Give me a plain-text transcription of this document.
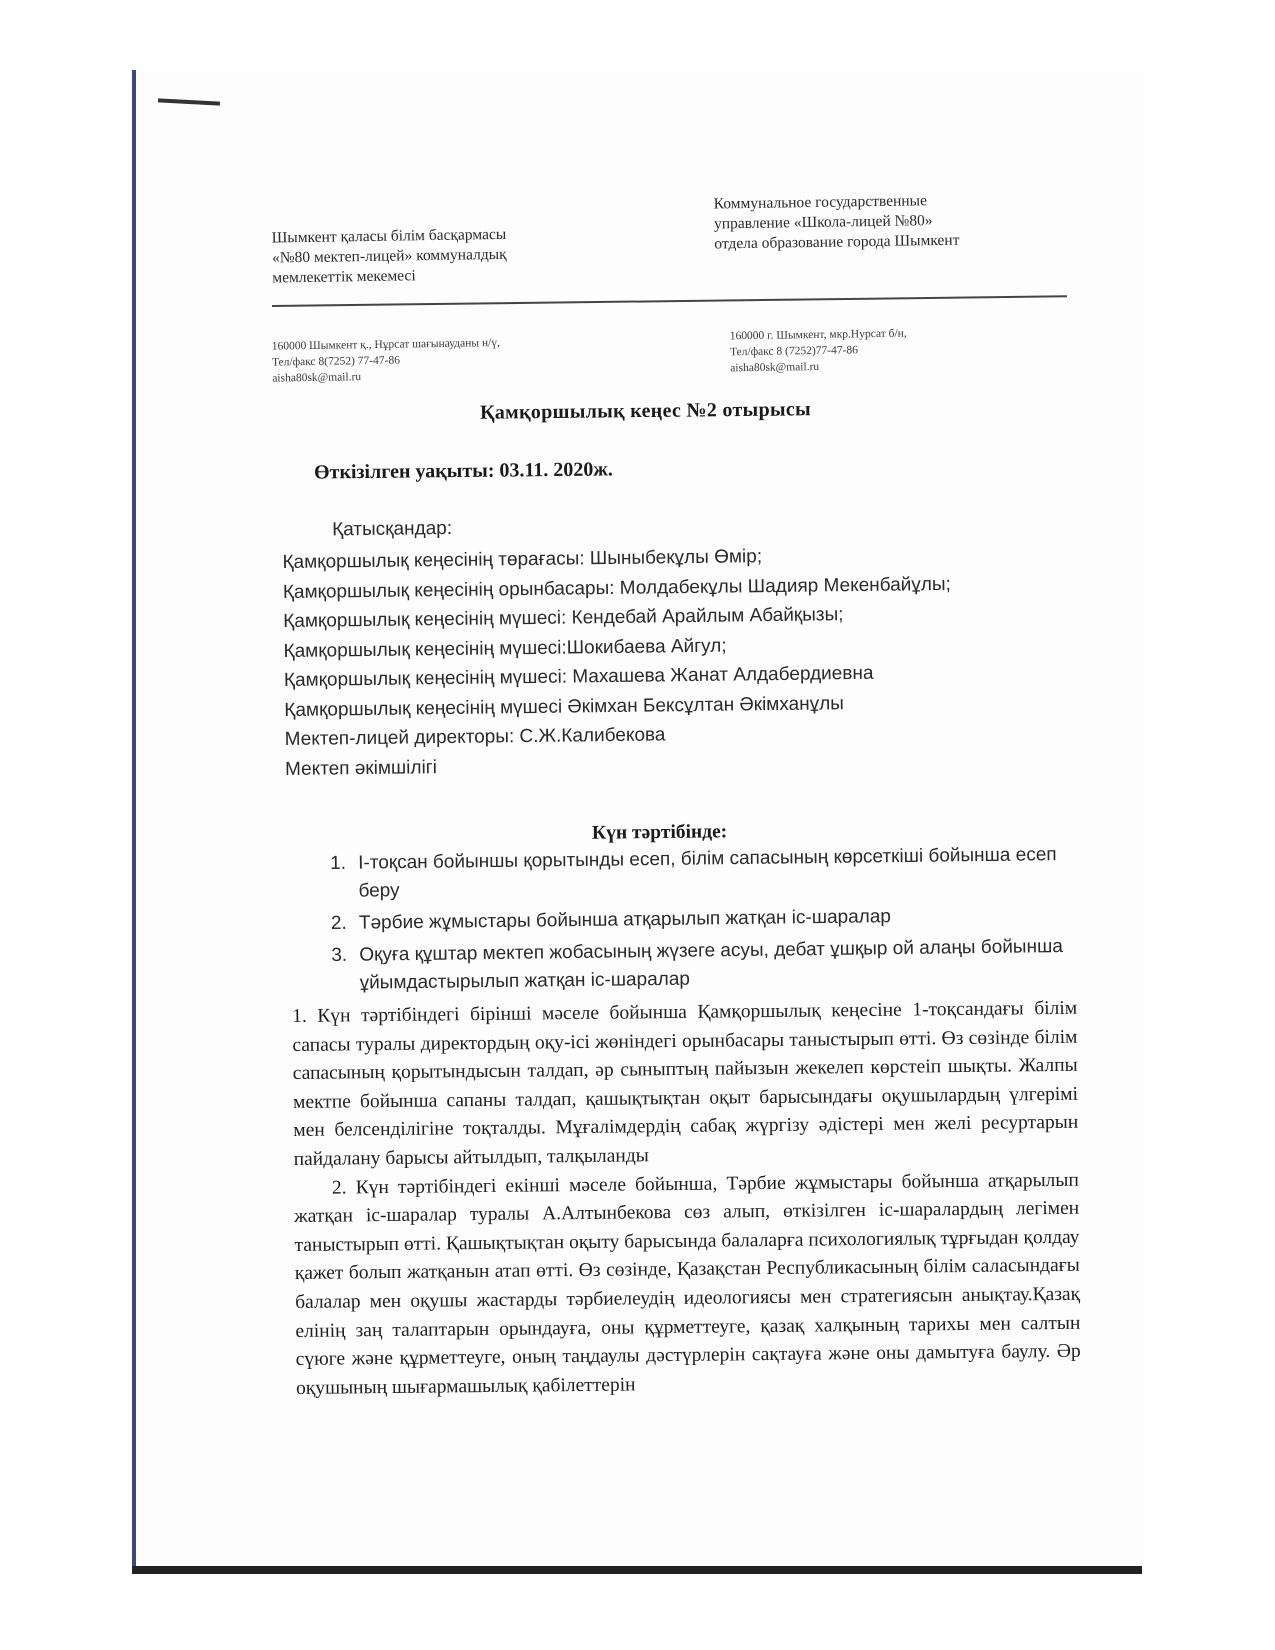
Шымкент қаласы білім басқармасы
«№80 мектеп-лицей» коммуналдық
мемлекеттік мекемесі
Коммунальное государственные
управление «Школа-лицей №80»
отдела образование города Шымкент
160000 Шымкент қ., Нұрсат шағынауданы н/ү,
Тел/факс 8(7252) 77-47-86
aisha80sk@mail.ru
160000 г. Шымкент, мкр.Нурсат б/н,
Тел/факс 8 (7252)77-47-86
aisha80sk@mail.ru
Қамқоршылық кеңес №2 отырысы
Өткізілген уақыты: 03.11. 2020ж.
Қатысқандар:
Қамқоршылық кеңесінің төрағасы: Шыныбекұлы Өмір;
Қамқоршылық кеңесінің орынбасары: Молдабекұлы Шадияр Мекенбайұлы;
Қамқоршылық кеңесінің мүшесі: Кендебай Арайлым Абайқызы;
Қамқоршылық кеңесінің мүшесі:Шокибаева Айгул;
Қамқоршылық кеңесінің мүшесі: Махашева Жанат Алдабердиевна
Қамқоршылық кеңесінің мүшесі Әкімхан Бексұлтан Әкімханұлы
Мектеп-лицей директоры: С.Ж.Калибекова
Мектеп әкімшілігі
Күн тәртібінде:
1. І-тоқсан бойыншы қорытынды есеп, білім сапасының көрсеткіші бойынша есеп беру
2. Тәрбие жұмыстары бойынша атқарылып жатқан іс-шаралар
3. Оқуға құштар мектеп жобасының жүзеге асуы, дебат ұшқыр ой алаңы бойынша ұйымдастырылып жатқан іс-шаралар

1. Күн тәртібіндегі бірінші мәселе бойынша Қамқоршылық кеңесіне 1-тоқсандағы білім сапасы туралы директордың оқу-ісі жөніндегі орынбасары таныстырып өтті. Өз сөзінде білім сапасының қорытындысын талдап, әр сыныптың пайызын жекелеп көрстеіп шықты. Жалпы мектпе бойынша сапаны талдап, қашықтықтан оқыт барысындағы оқушылардың үлгерімі мен белсенділігіне тоқталды. Мұғалімдердің сабақ жүргізу әдістері мен желі ресуртарын пайдалану барысы айтылдып, талқыланды

2. Күн тәртібіндегі екінші мәселе бойынша, Тәрбие жұмыстары бойынша атқарылып жатқан іс-шаралар туралы А.Алтынбекова сөз алып, өткізілген іс-шаралардың легімен таныстырып өтті. Қашықтықтан оқыту барысында балаларға психологиялық тұрғыдан қолдау қажет болып жатқанын атап өтті. Өз сөзінде, Қазақстан Республикасының білім саласындағы балалар мен оқушы жастарды тәрбиелеудің идеологиясы мен стратегиясын анықтау.Қазақ елінің заң талаптарын орындауға, оны құрметтеуге, қазақ халқының тарихы мен салтын сүюге және құрметтеуге, оның таңдаулы дәстүрлерін сақтауға және оны дамытуға баулу. Әр оқушының шығармашылық қабілеттерін
